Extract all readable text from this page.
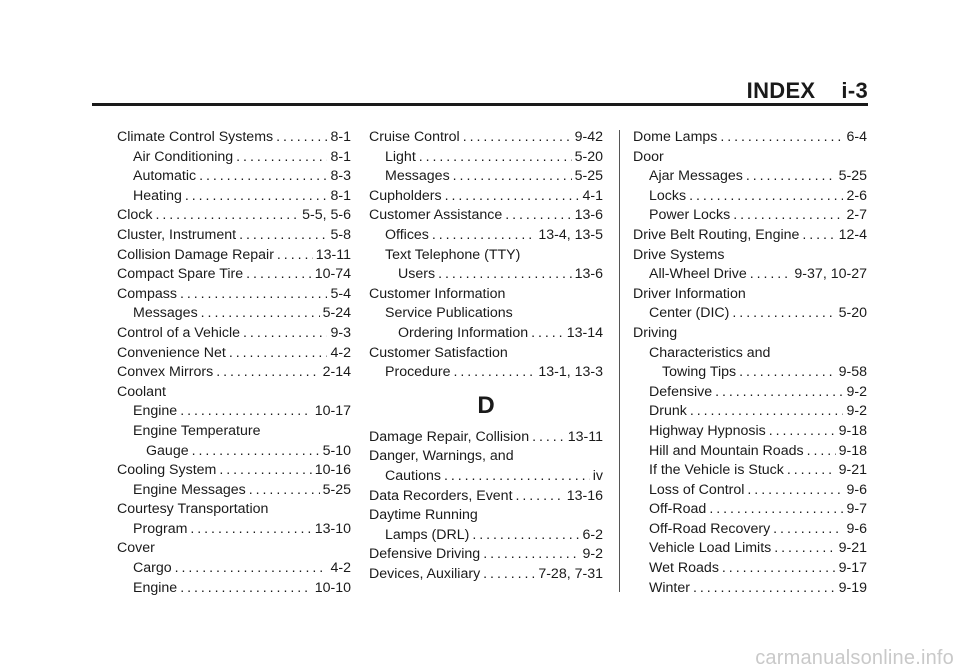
INDEX i-3
Climate Control Systems . . .	8-1
Air Conditioning . . .	8-1
Automatic . . .	8-3
Heating . . .	8-1
Clock . . .	5-5, 5-6
Cluster, Instrument . . .	5-8
Collision Damage Repair . . .	13-11
Compact Spare Tire . . .	10-74
Compass . . .	5-4
Messages . . .	5-24
Control of a Vehicle . . .	9-3
Convenience Net . . .	4-2
Convex Mirrors . . .	2-14
Coolant
Engine . . .	10-17
Engine Temperature
Gauge . . .	5-10
Cooling System . . .	10-16
Engine Messages . . .	5-25
Courtesy Transportation
Program . . .	13-10
Cover
Cargo . . .	4-2
Engine . . .	10-10
Cruise Control . . .	9-42
Light . . .	5-20
Messages . . .	5-25
Cupholders . . .	4-1
Customer Assistance . . .	13-6
Offices . . .	13-4, 13-5
Text Telephone (TTY)
Users . . .	13-6
Customer Information
Service Publications
Ordering Information . . .	13-14
Customer Satisfaction
Procedure . . .	13-1, 13-3
D
Damage Repair, Collision . . .	13-11
Danger, Warnings, and
Cautions . . .	iv
Data Recorders, Event . . .	13-16
Daytime Running
Lamps (DRL) . . .	6-2
Defensive Driving . . .	9-2
Devices, Auxiliary . . .	7-28, 7-31
Dome Lamps . . .	6-4
Door
Ajar Messages . . .	5-25
Locks . . .	2-6
Power Locks . . .	2-7
Drive Belt Routing, Engine . . .	12-4
Drive Systems
All-Wheel Drive . . .	9-37, 10-27
Driver Information
Center (DIC) . . .	5-20
Driving
Characteristics and
Towing Tips . . .	9-58
Defensive . . .	9-2
Drunk . . .	9-2
Highway Hypnosis . . .	9-18
Hill and Mountain Roads . . . 9-18
If the Vehicle is Stuck . . .	9-21
Loss of Control . . .	9-6
Off-Road . . .	9-7
Off-Road Recovery . . .	9-6
Vehicle Load Limits . . .	9-21
Wet Roads . . .	9-17
Winter . . .	9-19
carmanualsonline.info
